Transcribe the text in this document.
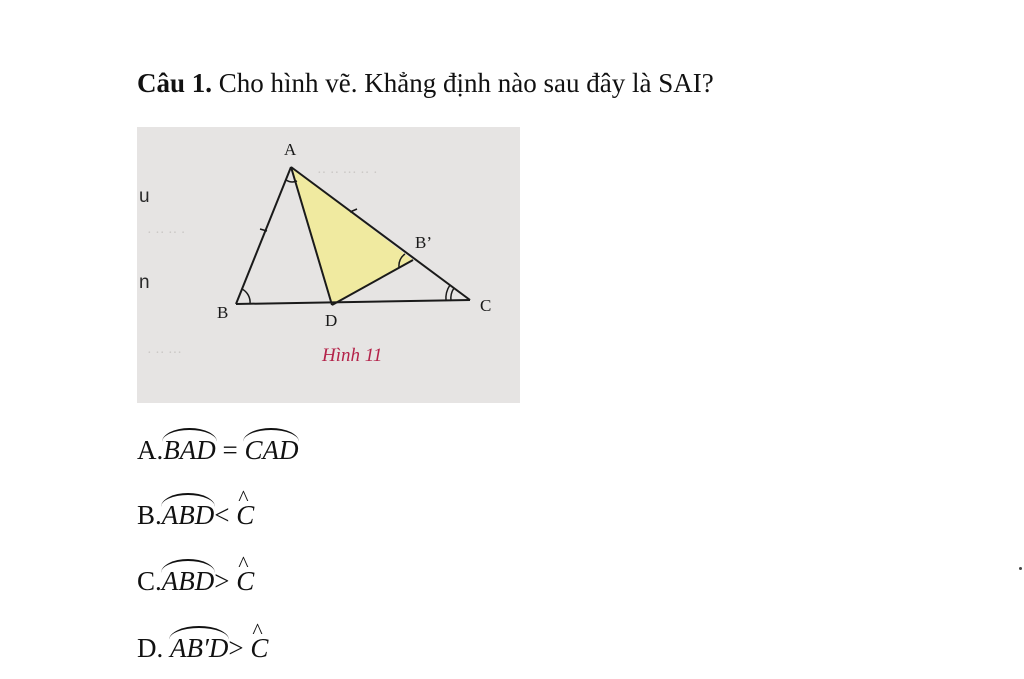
Câu 1. Cho hình vẽ. Khẳng định nào sau đây là SAI?
·· ·· ··· ·· ·
· ·· ·· ·
· ·· ···
A
B	C
D
B’
u
n
Hình 11
A.BAD = CAD
B.ABD< ^ C
C.ABD> ^ C
D. AB′D> ^ C
